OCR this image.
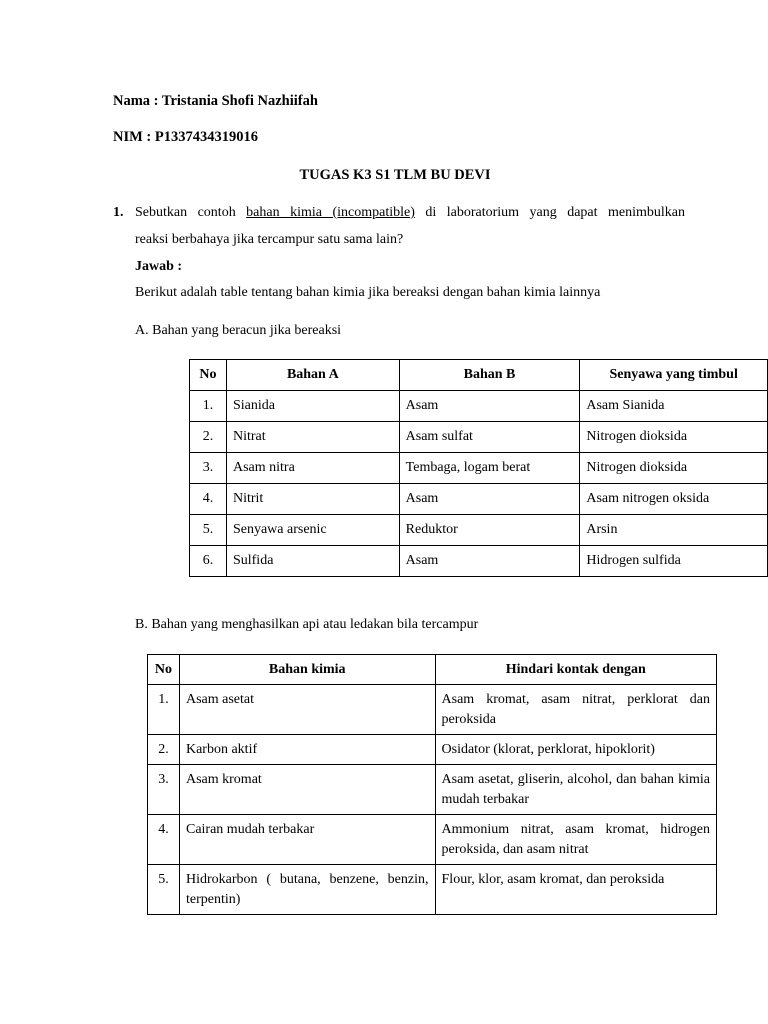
Nama : Tristania Shofi Nazhiifah
NIM : P1337434319016
TUGAS K3 S1 TLM BU DEVI
1. Sebutkan contoh bahan kimia (incompatible) di laboratorium yang dapat menimbulkan
reaksi berbahaya jika tercampur satu sama lain?
Jawab :
Berikut adalah table tentang bahan kimia jika bereaksi dengan bahan kimia lainnya
A. Bahan yang beracun jika bereaksi
No	Bahan A	Bahan B	Senyawa yang timbul
1.	Sianida	Asam	Asam Sianida
2.	Nitrat	Asam sulfat	Nitrogen dioksida
3.	Asam nitra	Tembaga, logam berat	Nitrogen dioksida
4.	Nitrit	Asam	Asam nitrogen oksida
5.	Senyawa arsenic	Reduktor	Arsin
6.	Sulfida	Asam	Hidrogen sulfida
B. Bahan yang menghasilkan api atau ledakan bila tercampur
No	Bahan kimia	Hindari kontak dengan
1.	Asam asetat	Asam kromat, asam nitrat, perklorat dan peroksida
2.	Karbon aktif	Osidator (klorat, perklorat, hipoklorit)
3.	Asam kromat	Asam asetat, gliserin, alcohol, dan bahan kimia mudah terbakar
4.	Cairan mudah terbakar	Ammonium nitrat, asam kromat, hidrogen peroksida, dan asam nitrat
5.	Hidrokarbon ( butana, benzene, benzin, terpentin)	Flour, klor, asam kromat, dan peroksida
